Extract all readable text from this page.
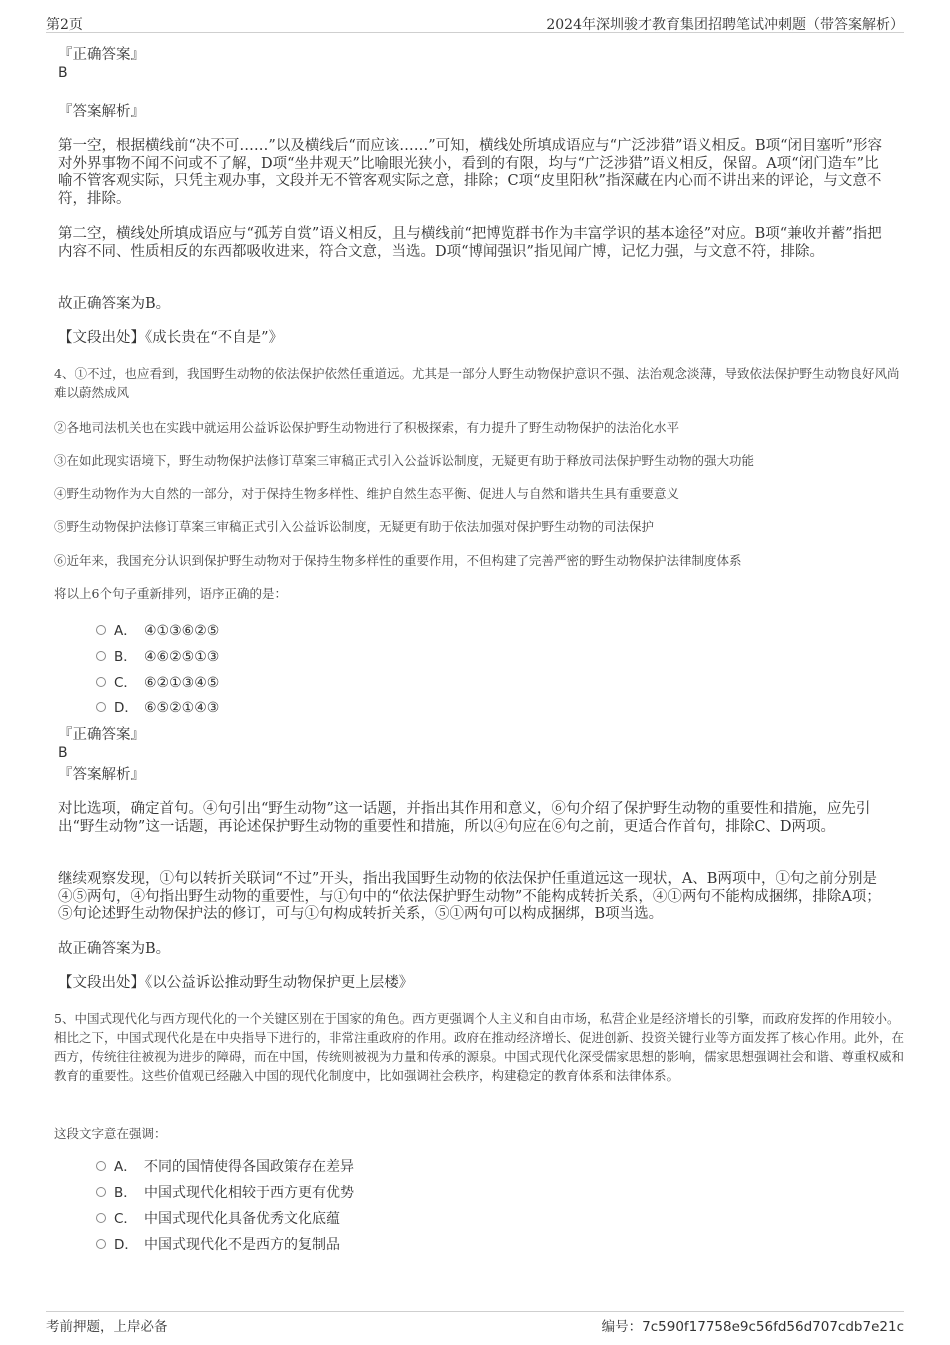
第2页	2024年深圳骏才教育集团招聘笔试冲刺题（带答案解析）
『正确答案』
B
『答案解析』
第一空，根据横线前“决不可……”以及横线后“而应该……”可知，横线处所填成语应与“广泛涉猎”语义相反。B项“闭目塞听”形容对外界事物不闻不问或不了解，D项“坐井观天”比喻眼光狭小，看到的有限，均与“广泛涉猎”语义相反，保留。A项“闭门造车”比喻不管客观实际，只凭主观办事，文段并无不管客观实际之意，排除；C项“皮里阳秋”指深藏在内心而不讲出来的评论，与文意不符，排除。
第二空，横线处所填成语应与“孤芳自赏”语义相反，且与横线前“把博览群书作为丰富学识的基本途径”对应。B项“兼收并蓄”指把内容不同、性质相反的东西都吸收进来，符合文意，当选。D项“博闻强识”指见闻广博，记忆力强，与文意不符，排除。
故正确答案为B。
【文段出处】《成长贵在“不自是”》
4、①不过，也应看到，我国野生动物的依法保护依然任重道远。尤其是一部分人野生动物保护意识不强、法治观念淡薄，导致依法保护野生动物良好风尚难以蔚然成风
②各地司法机关也在实践中就运用公益诉讼保护野生动物进行了积极探索，有力提升了野生动物保护的法治化水平
③在如此现实语境下，野生动物保护法修订草案三审稿正式引入公益诉讼制度，无疑更有助于释放司法保护野生动物的强大功能
④野生动物作为大自然的一部分，对于保持生物多样性、维护自然生态平衡、促进人与自然和谐共生具有重要意义
⑤野生动物保护法修订草案三审稿正式引入公益诉讼制度，无疑更有助于依法加强对保护野生动物的司法保护
⑥近年来，我国充分认识到保护野生动物对于保持生物多样性的重要作用，不但构建了完善严密的野生动物保护法律制度体系
将以上6个句子重新排列，语序正确的是：
A． ④①③⑥②⑤
B． ④⑥②⑤①③
C． ⑥②①③④⑤
D． ⑥⑤②①④③
『正确答案』
B
『答案解析』
对比选项，确定首句。④句引出“野生动物”这一话题，并指出其作用和意义，⑥句介绍了保护野生动物的重要性和措施，应先引出“野生动物”这一话题，再论述保护野生动物的重要性和措施，所以④句应在⑥句之前，更适合作首句，排除C、D两项。
继续观察发现，①句以转折关联词“不过”开头，指出我国野生动物的依法保护任重道远这一现状，A、B两项中，①句之前分别是④⑤两句，④句指出野生动物的重要性，与①句中的“依法保护野生动物”不能构成转折关系，④①两句不能构成捆绑，排除A项；⑤句论述野生动物保护法的修订，可与①句构成转折关系，⑤①两句可以构成捆绑，B项当选。
故正确答案为B。
【文段出处】《以公益诉讼推动野生动物保护更上层楼》
5、中国式现代化与西方现代化的一个关键区别在于国家的角色。西方更强调个人主义和自由市场，私营企业是经济增长的引擎，而政府发挥的作用较小。相比之下，中国式现代化是在中央指导下进行的，非常注重政府的作用。政府在推动经济增长、促进创新、投资关键行业等方面发挥了核心作用。此外，在西方，传统往往被视为进步的障碍，而在中国，传统则被视为力量和传承的源泉。中国式现代化深受儒家思想的影响，儒家思想强调社会和谐、尊重权威和教育的重要性。这些价值观已经融入中国的现代化制度中，比如强调社会秩序，构建稳定的教育体系和法律体系。
这段文字意在强调：
A． 不同的国情使得各国政策存在差异
B． 中国式现代化相较于西方更有优势
C． 中国式现代化具备优秀文化底蕴
D． 中国式现代化不是西方的复制品
考前押题，上岸必备	编号：7c590f17758e9c56fd56d707cdb7e21c
